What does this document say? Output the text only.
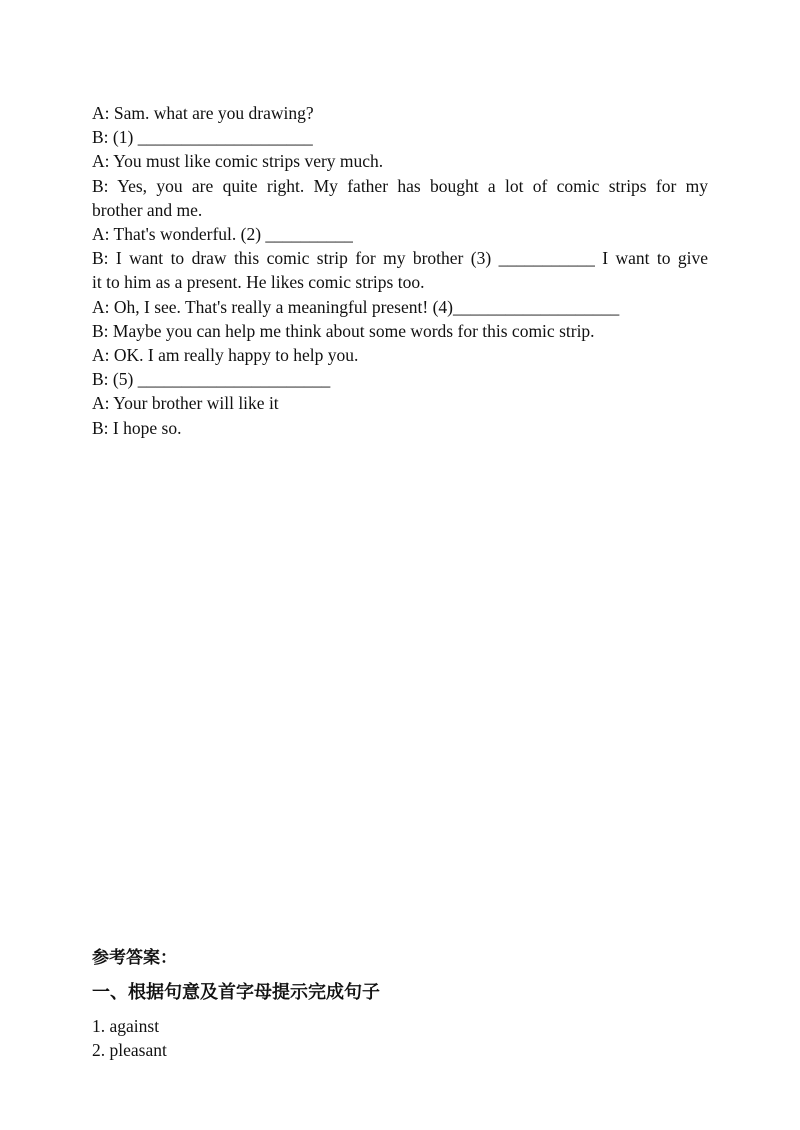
A: Sam. what are you drawing?
B: (1) ____________________
A: You must like comic strips very much.
B: Yes, you are quite right. My father has bought a lot of comic strips for my
brother and me.
A: That's wonderful. (2) __________
B: I want to draw this comic strip for my brother (3) ___________ I want to give
it to him as a present. He likes comic strips too.
A: Oh, I see. That's really a meaningful present! (4)___________________
B: Maybe you can help me think about some words for this comic strip.
A: OK. I am really happy to help you.
B: (5) ______________________
A: Your brother will like it
B: I hope so.
参考答案：
一、根据句意及首字母提示完成句子
1. against
2. pleasant
